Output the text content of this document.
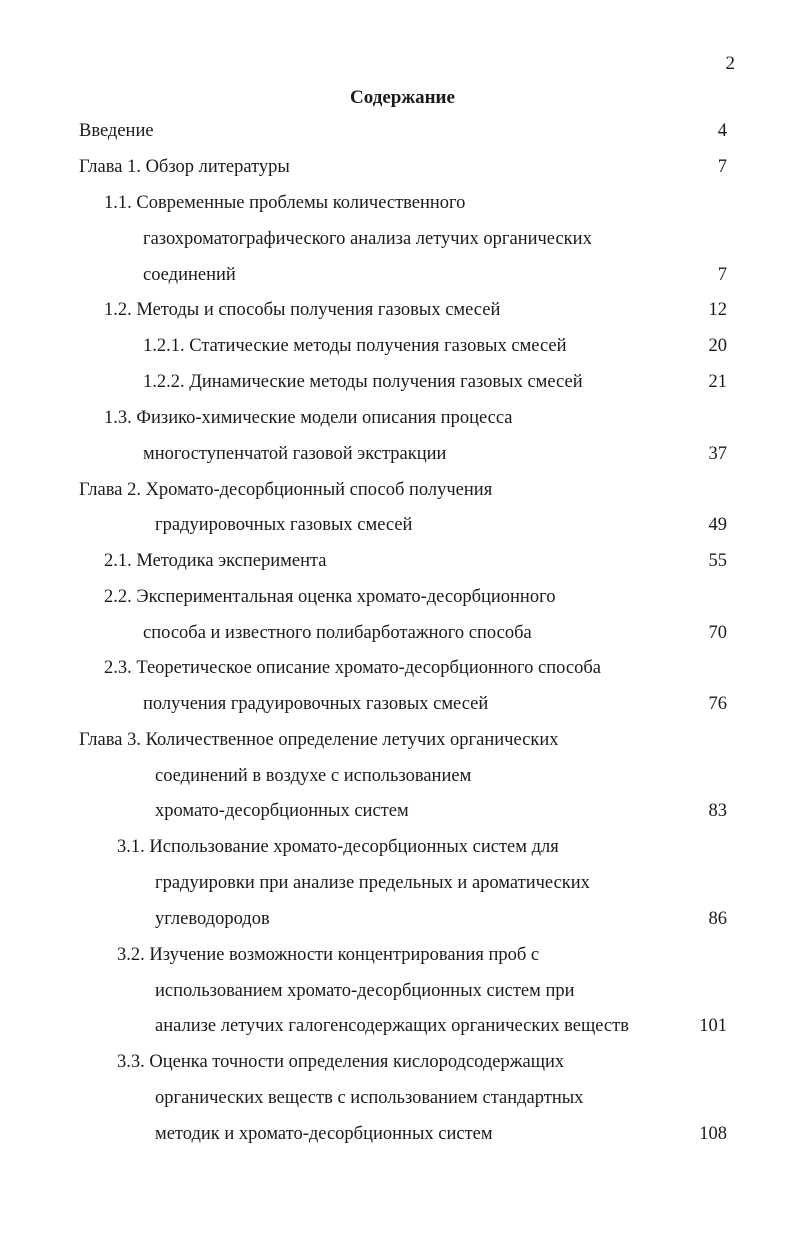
2
Содержание
Введение	4
Глава 1. Обзор литературы	7
1.1. Современные проблемы количественного
газохроматографического анализа летучих органических
соединений	7
1.2. Методы и способы получения газовых смесей	12
1.2.1. Статические методы получения газовых смесей	20
1.2.2. Динамические методы получения газовых смесей	21
1.3. Физико-химические модели описания процесса
многоступенчатой газовой экстракции	37
Глава 2. Хромато-десорбционный способ получения
градуировочных газовых смесей	49
2.1. Методика эксперимента	55
2.2. Экспериментальная оценка хромато-десорбционного
способа и известного полибарботажного способа	70
2.3. Теоретическое описание хромато-десорбционного способа
получения градуировочных газовых смесей	76
Глава 3. Количественное определение летучих органических
соединений в воздухе с использованием
хромато-десорбционных систем	83
3.1. Использование хромато-десорбционных систем для
градуировки при анализе предельных и ароматических
углеводородов	86
3.2. Изучение возможности концентрирования проб с
использованием хромато-десорбционных систем при
анализе летучих галогенсодержащих органических веществ	101
3.3. Оценка точности определения кислородсодержащих
органических веществ с использованием стандартных
методик и хромато-десорбционных систем	108
